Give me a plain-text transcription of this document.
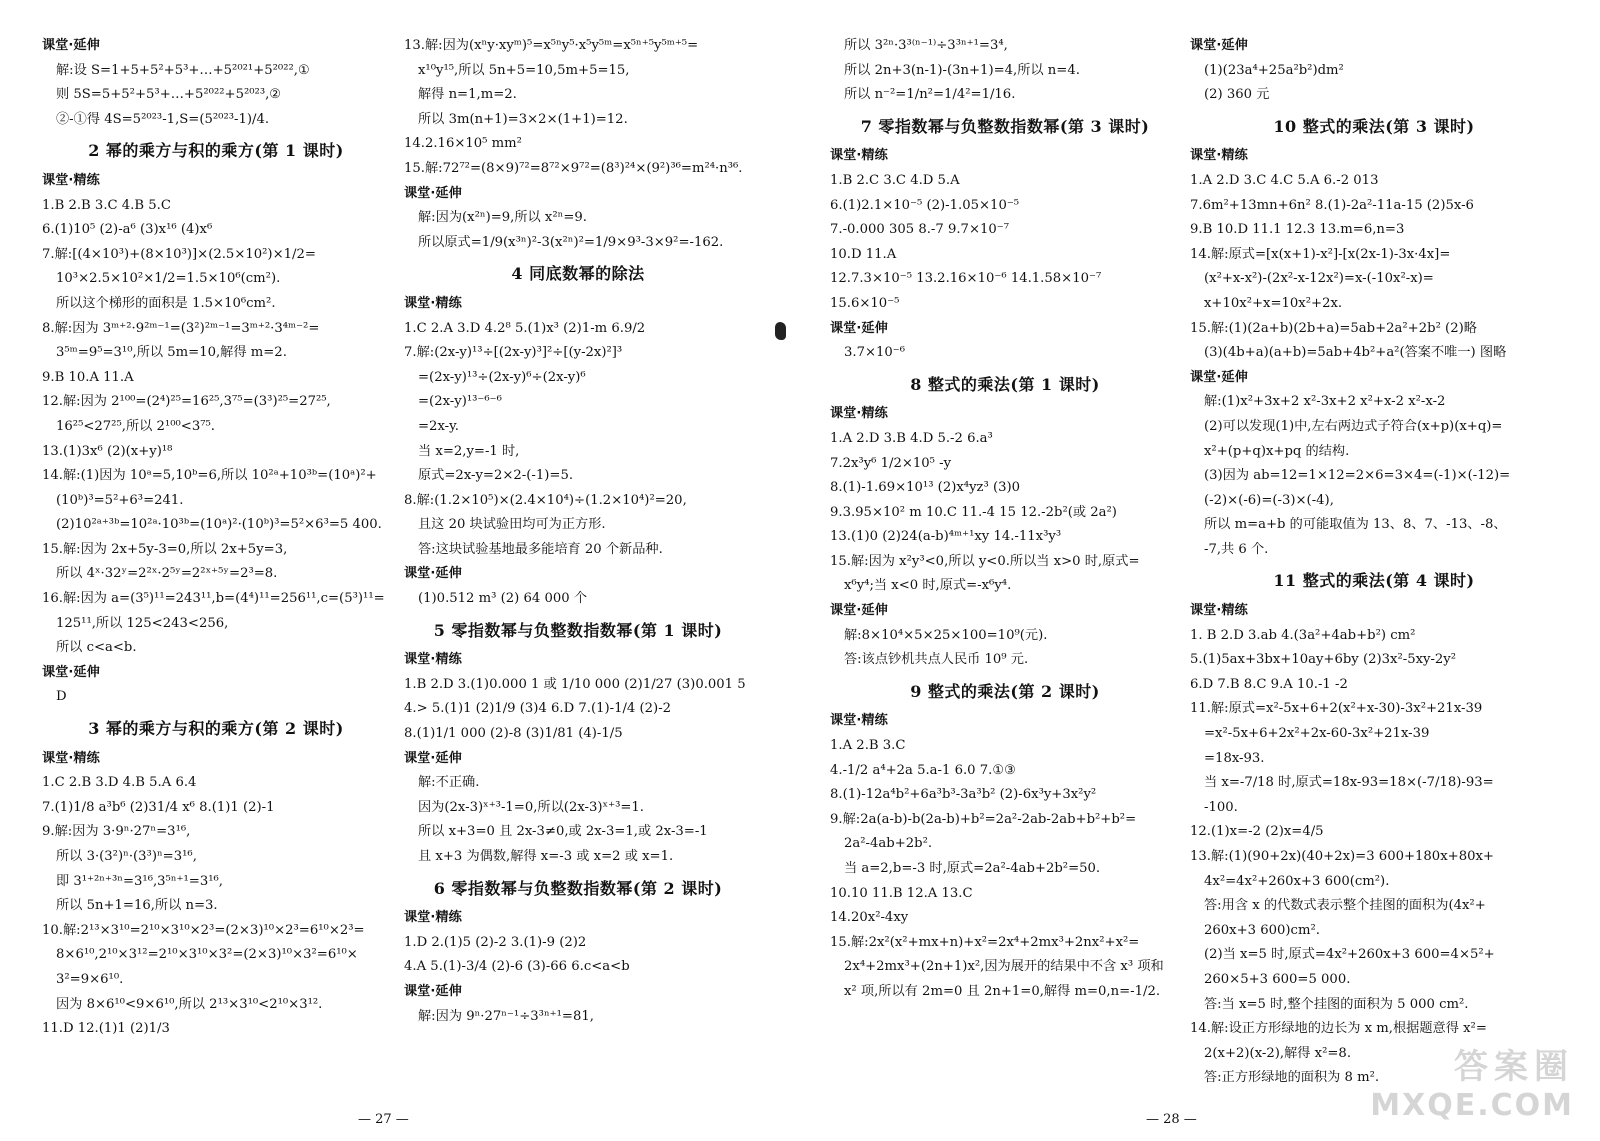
课堂·延伸
解:设 S=1+5+5²+5³+…+5²⁰²¹+5²⁰²²,①
则 5S=5+5²+5³+…+5²⁰²²+5²⁰²³,②
②-①得 4S=5²⁰²³-1,S=(5²⁰²³-1)/4.
2 幂的乘方与积的乘方(第 1 课时)
课堂·精练
1.B 2.B 3.C 4.B 5.C
6.(1)10⁵ (2)-a⁶ (3)x¹⁶ (4)x⁶
7.解:[(4×10³)+(8×10³)]×(2.5×10²)×1/2=
10³×2.5×10²×1/2=1.5×10⁶(cm²).
所以这个梯形的面积是 1.5×10⁶cm².
8.解:因为 3ᵐ⁺²·9²ᵐ⁻¹=(3²)²ᵐ⁻¹=3ᵐ⁺²·3⁴ᵐ⁻²=
3⁵ᵐ=9⁵=3¹⁰,所以 5m=10,解得 m=2.
9.B 10.A 11.A
12.解:因为 2¹⁰⁰=(2⁴)²⁵=16²⁵,3⁷⁵=(3³)²⁵=27²⁵,
16²⁵<27²⁵,所以 2¹⁰⁰<3⁷⁵.
13.(1)3x⁶ (2)(x+y)¹⁸
14.解:(1)因为 10ᵃ=5,10ᵇ=6,所以 10²ᵃ+10³ᵇ=(10ᵃ)²+
(10ᵇ)³=5²+6³=241.
(2)10²ᵃ⁺³ᵇ=10²ᵃ·10³ᵇ=(10ᵃ)²·(10ᵇ)³=5²×6³=5 400.
15.解:因为 2x+5y-3=0,所以 2x+5y=3,
所以 4ˣ·32ʸ=2²ˣ·2⁵ʸ=2²ˣ⁺⁵ʸ=2³=8.
16.解:因为 a=(3⁵)¹¹=243¹¹,b=(4⁴)¹¹=256¹¹,c=(5³)¹¹=
125¹¹,所以 125<243<256,
所以 c<a<b.
课堂·延伸
D
3 幂的乘方与积的乘方(第 2 课时)
课堂·精练
1.C 2.B 3.D 4.B 5.A 6.4
7.(1)1/8 a³b⁶ (2)31/4 x⁶ 8.(1)1 (2)-1
9.解:因为 3·9ⁿ·27ⁿ=3¹⁶,
所以 3·(3²)ⁿ·(3³)ⁿ=3¹⁶,
即 3¹⁺²ⁿ⁺³ⁿ=3¹⁶,3⁵ⁿ⁺¹=3¹⁶,
所以 5n+1=16,所以 n=3.
10.解:2¹³×3¹⁰=2¹⁰×3¹⁰×2³=(2×3)¹⁰×2³=6¹⁰×2³=
8×6¹⁰,2¹⁰×3¹²=2¹⁰×3¹⁰×3²=(2×3)¹⁰×3²=6¹⁰×
3²=9×6¹⁰.
因为 8×6¹⁰<9×6¹⁰,所以 2¹³×3¹⁰<2¹⁰×3¹².
11.D 12.(1)1 (2)1/3
13.解:因为(xⁿy·xyᵐ)⁵=x⁵ⁿy⁵·x⁵y⁵ᵐ=x⁵ⁿ⁺⁵y⁵ᵐ⁺⁵=
x¹⁰y¹⁵,所以 5n+5=10,5m+5=15,
解得 n=1,m=2.
所以 3m(n+1)=3×2×(1+1)=12.
14.2.16×10⁵ mm²
15.解:72⁷²=(8×9)⁷²=8⁷²×9⁷²=(8³)²⁴×(9²)³⁶=m²⁴·n³⁶.
课堂·延伸
解:因为(x²ⁿ)=9,所以 x²ⁿ=9.
所以原式=1/9(x³ⁿ)²-3(x²ⁿ)²=1/9×9³-3×9²=-162.
4 同底数幂的除法
课堂·精练
1.C 2.A 3.D 4.2⁸ 5.(1)x³ (2)1-m 6.9/2
7.解:(2x-y)¹³÷[(2x-y)³]²÷[(y-2x)²]³
=(2x-y)¹³÷(2x-y)⁶÷(2x-y)⁶
=(2x-y)¹³⁻⁶⁻⁶
=2x-y.
当 x=2,y=-1 时,
原式=2x-y=2×2-(-1)=5.
8.解:(1.2×10⁵)×(2.4×10⁴)÷(1.2×10⁴)²=20,
且这 20 块试验田均可为正方形.
答:这块试验基地最多能培育 20 个新品种.
课堂·延伸
(1)0.512 m³ (2) 64 000 个
5 零指数幂与负整数指数幂(第 1 课时)
课堂·精练
1.B 2.D 3.(1)0.000 1 或 1/10 000 (2)1/27 (3)0.001 5
4.> 5.(1)1 (2)1/9 (3)4 6.D 7.(1)-1/4 (2)-2
8.(1)1/1 000 (2)-8 (3)1/81 (4)-1/5
课堂·延伸
解:不正确.
因为(2x-3)ˣ⁺³-1=0,所以(2x-3)ˣ⁺³=1.
所以 x+3=0 且 2x-3≠0,或 2x-3=1,或 2x-3=-1
且 x+3 为偶数,解得 x=-3 或 x=2 或 x=1.
6 零指数幂与负整数指数幂(第 2 课时)
课堂·精练
1.D 2.(1)5 (2)-2 3.(1)-9 (2)2
4.A 5.(1)-3/4 (2)-6 (3)-66 6.c<a<b
课堂·延伸
解:因为 9ⁿ·27ⁿ⁻¹÷3³ⁿ⁺¹=81,
所以 3²ⁿ·3³⁽ⁿ⁻¹⁾÷3³ⁿ⁺¹=3⁴,
所以 2n+3(n-1)-(3n+1)=4,所以 n=4.
所以 n⁻²=1/n²=1/4²=1/16.
7 零指数幂与负整数指数幂(第 3 课时)
课堂·精练
1.B 2.C 3.C 4.D 5.A
6.(1)2.1×10⁻⁵ (2)-1.05×10⁻⁵
7.-0.000 305 8.-7 9.7×10⁻⁷
10.D 11.A
12.7.3×10⁻⁵ 13.2.16×10⁻⁶ 14.1.58×10⁻⁷
15.6×10⁻⁵
课堂·延伸
3.7×10⁻⁶
8 整式的乘法(第 1 课时)
课堂·精练
1.A 2.D 3.B 4.D 5.-2 6.a³
7.2x³y⁶ 1/2×10⁵ -y
8.(1)-1.69×10¹³ (2)x⁴yz³ (3)0
9.3.95×10² m 10.C 11.-4 15 12.-2b²(或 2a²)
13.(1)0 (2)24(a-b)⁴ᵐ⁺¹xy 14.-11x³y³
15.解:因为 x²y³<0,所以 y<0.所以当 x>0 时,原式=
x⁶y⁴;当 x<0 时,原式=-x⁶y⁴.
课堂·延伸
解:8×10⁴×5×25×100=10⁹(元).
答:该点钞机共点人民币 10⁹ 元.
9 整式的乘法(第 2 课时)
课堂·精练
1.A 2.B 3.C
4.-1/2 a⁴+2a 5.a-1 6.0 7.①③
8.(1)-12a⁴b²+6a³b³-3a³b² (2)-6x³y+3x²y²
9.解:2a(a-b)-b(2a-b)+b²=2a²-2ab-2ab+b²+b²=
2a²-4ab+2b².
当 a=2,b=-3 时,原式=2a²-4ab+2b²=50.
10.10 11.B 12.A 13.C
14.20x²-4xy
15.解:2x²(x²+mx+n)+x²=2x⁴+2mx³+2nx²+x²=
2x⁴+2mx³+(2n+1)x²,因为展开的结果中不含 x³ 项和
x² 项,所以有 2m=0 且 2n+1=0,解得 m=0,n=-1/2.
课堂·延伸
(1)(23a⁴+25a²b²)dm²
(2) 360 元
10 整式的乘法(第 3 课时)
课堂·精练
1.A 2.D 3.C 4.C 5.A 6.-2 013
7.6m²+13mn+6n² 8.(1)-2a²-11a-15 (2)5x-6
9.B 10.D 11.1 12.3 13.m=6,n=3
14.解:原式=[x(x+1)-x²]-[x(2x-1)-3x·4x]=
(x²+x-x²)-(2x²-x-12x²)=x-(-10x²-x)=
x+10x²+x=10x²+2x.
15.解:(1)(2a+b)(2b+a)=5ab+2a²+2b² (2)略
(3)(4b+a)(a+b)=5ab+4b²+a²(答案不唯一) 图略
课堂·延伸
解:(1)x²+3x+2 x²-3x+2 x²+x-2 x²-x-2
(2)可以发现(1)中,左右两边式子符合(x+p)(x+q)=
x²+(p+q)x+pq 的结构.
(3)因为 ab=12=1×12=2×6=3×4=(-1)×(-12)=
(-2)×(-6)=(-3)×(-4),
所以 m=a+b 的可能取值为 13、8、7、-13、-8、
-7,共 6 个.
11 整式的乘法(第 4 课时)
课堂·精练
1. B 2.D 3.ab 4.(3a²+4ab+b²) cm²
5.(1)5ax+3bx+10ay+6by (2)3x²-5xy-2y²
6.D 7.B 8.C 9.A 10.-1 -2
11.解:原式=x²-5x+6+2(x²+x-30)-3x²+21x-39
=x²-5x+6+2x²+2x-60-3x²+21x-39
=18x-93.
当 x=-7/18 时,原式=18x-93=18×(-7/18)-93=
-100.
12.(1)x=-2 (2)x=4/5
13.解:(1)(90+2x)(40+2x)=3 600+180x+80x+
4x²=4x²+260x+3 600(cm²).
答:用含 x 的代数式表示整个挂图的面积为(4x²+
260x+3 600)cm².
(2)当 x=5 时,原式=4x²+260x+3 600=4×5²+
260×5+3 600=5 000.
答:当 x=5 时,整个挂图的面积为 5 000 cm².
14.解:设正方形绿地的边长为 x m,根据题意得 x²=
2(x+2)(x-2),解得 x²=8.
答:正方形绿地的面积为 8 m².
— 27 —	— 28 —
答案圈
MXQE.COM
